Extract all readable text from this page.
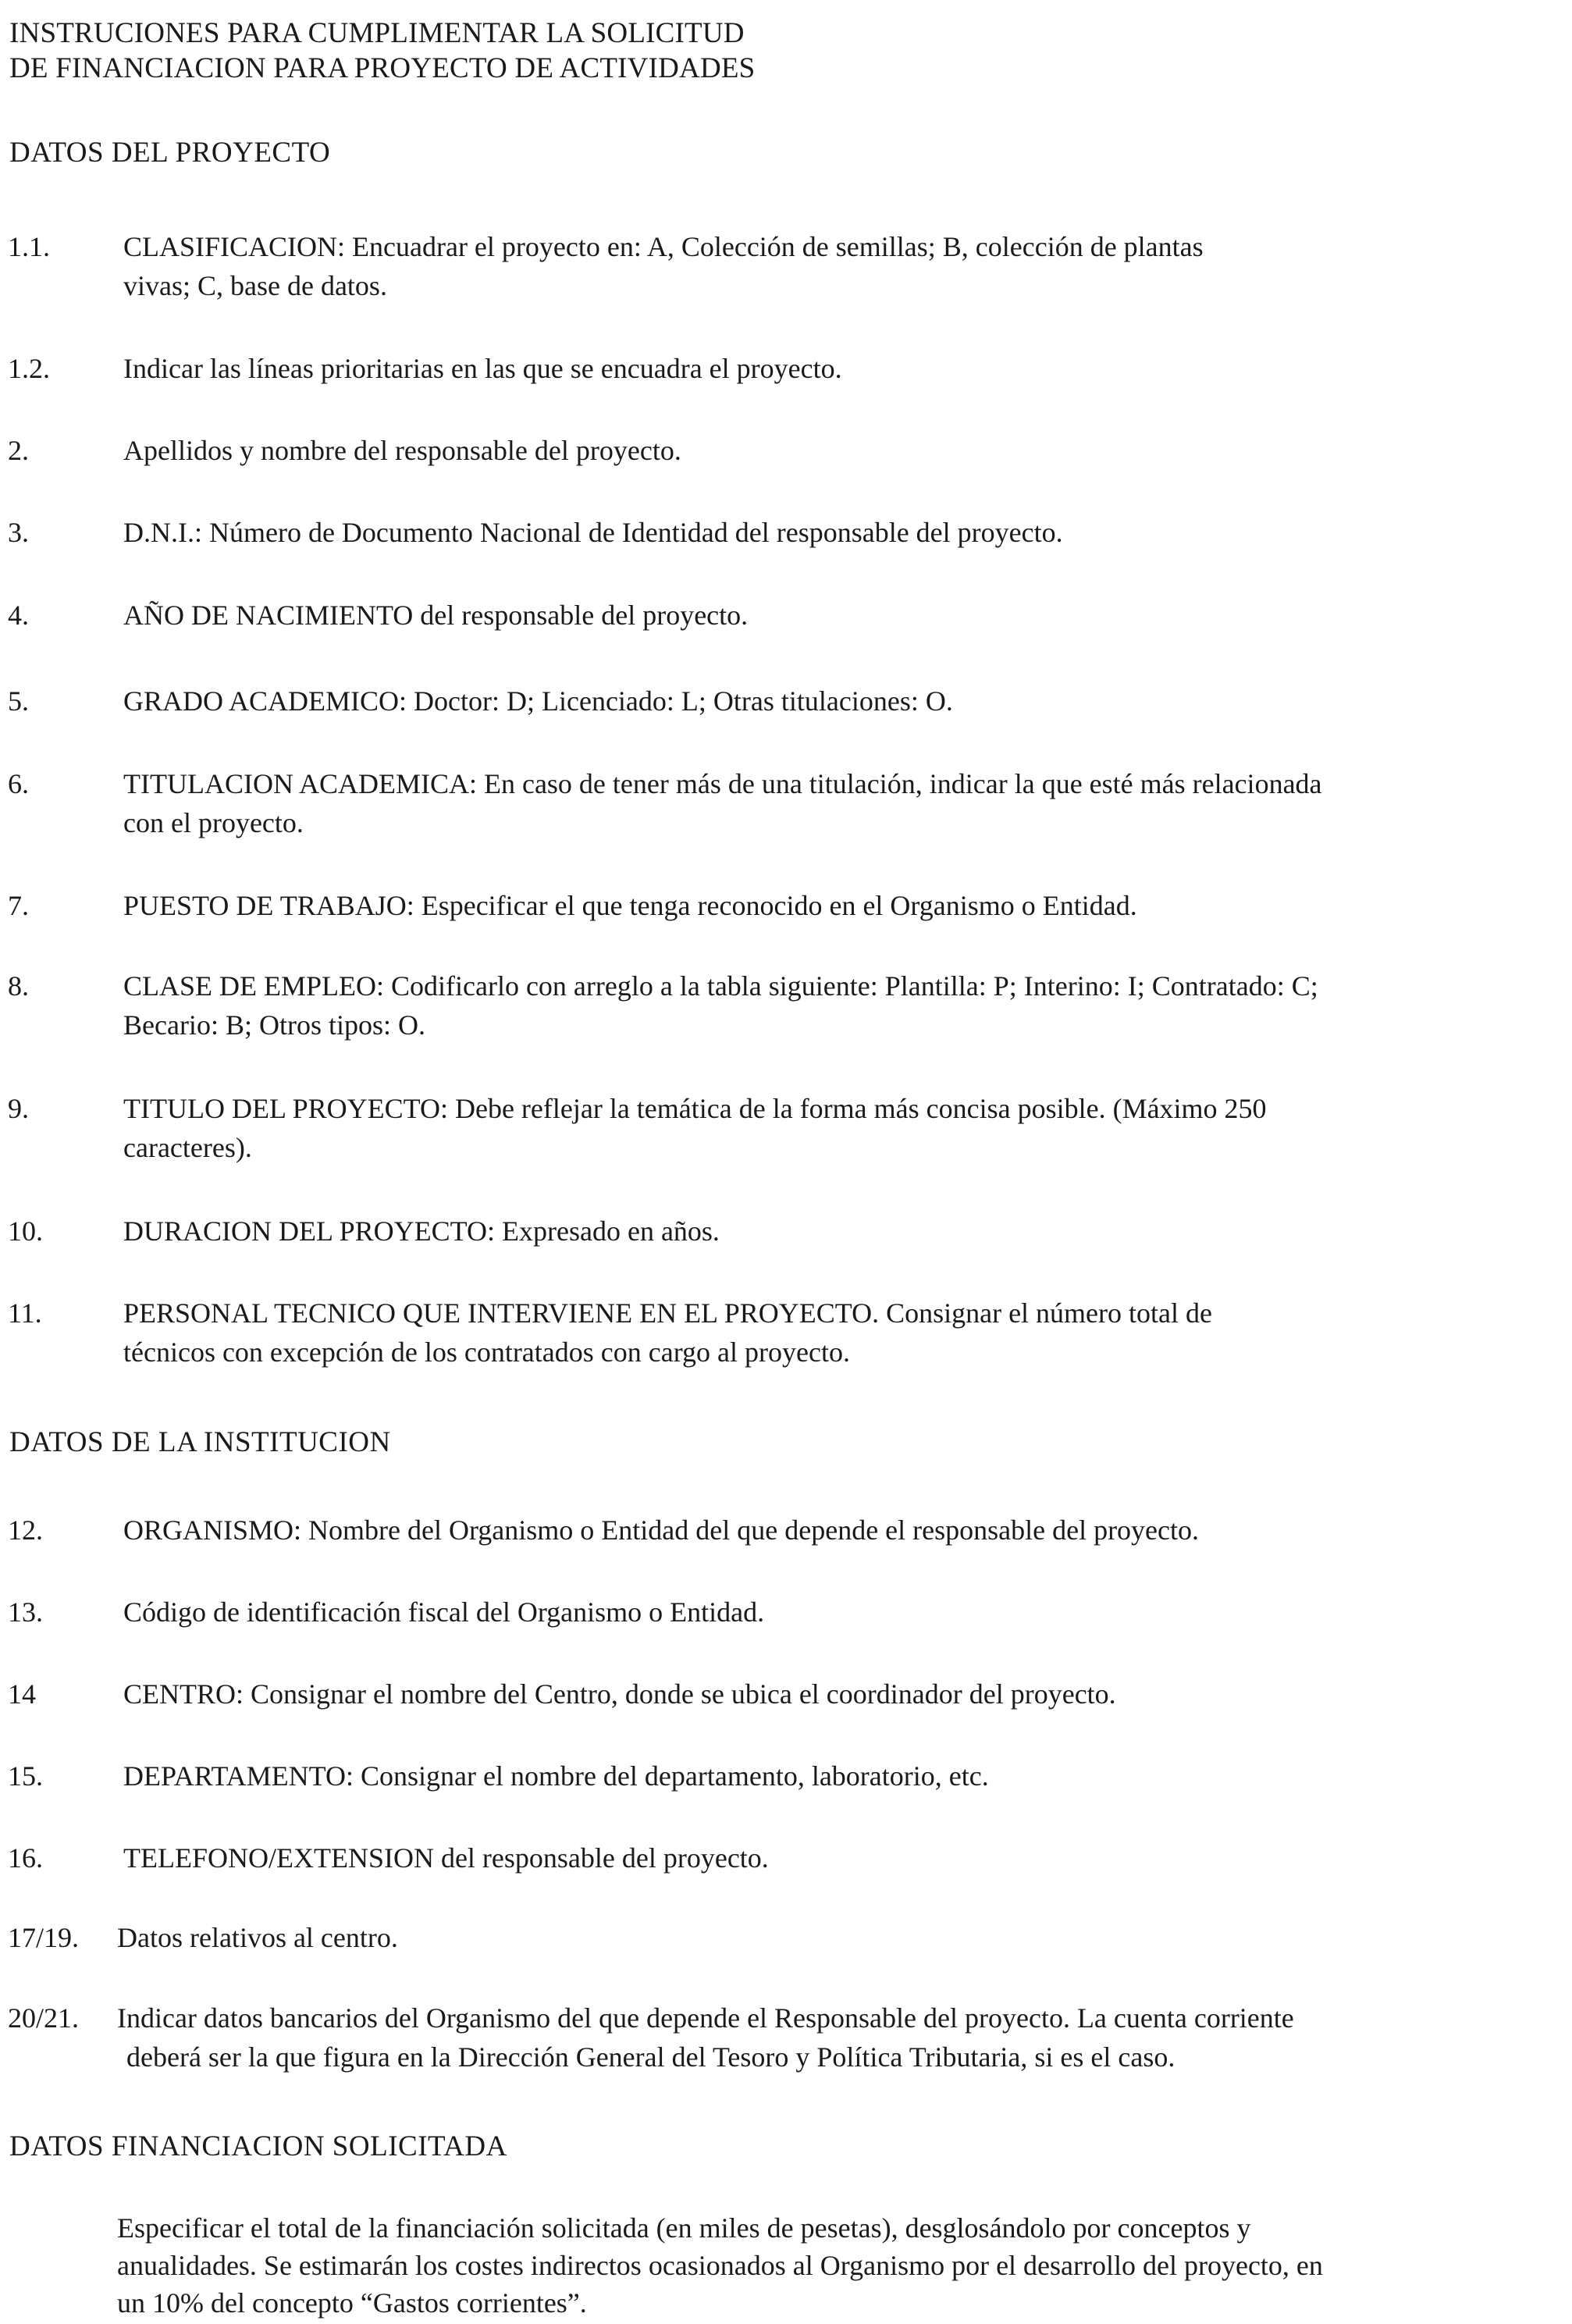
INSTRUCIONES PARA CUMPLIMENTAR LA SOLICITUD
DE FINANCIACION PARA PROYECTO DE ACTIVIDADES
DATOS DEL PROYECTO
1.1.	CLASIFICACION: Encuadrar el proyecto en: A, Colección de semillas; B, colección de plantas
vivas; C, base de datos.
1.2.	Indicar las líneas prioritarias en las que se encuadra el proyecto.
2.	Apellidos y nombre del responsable del proyecto.
3.	D.N.I.: Número de Documento Nacional de Identidad del responsable del proyecto.
4.	AÑO DE NACIMIENTO del responsable del proyecto.
5.	GRADO ACADEMICO: Doctor: D; Licenciado: L; Otras titulaciones: O.
6.	TITULACION ACADEMICA: En caso de tener más de una titulación, indicar la que esté más relacionada
con el proyecto.
7.	PUESTO DE TRABAJO: Especificar el que tenga reconocido en el Organismo o Entidad.
8.	CLASE DE EMPLEO: Codificarlo con arreglo a la tabla siguiente: Plantilla: P; Interino: I; Contratado: C;
Becario: B; Otros tipos: O.
9.	TITULO DEL PROYECTO: Debe reflejar la temática de la forma más concisa posible. (Máximo 250
caracteres).
10.	DURACION DEL PROYECTO: Expresado en años.
11.	PERSONAL TECNICO QUE INTERVIENE EN EL PROYECTO. Consignar el número total de
técnicos con excepción de los contratados con cargo al proyecto.
DATOS DE LA INSTITUCION
12.	ORGANISMO: Nombre del Organismo o Entidad del que depende el responsable del proyecto.
13.	Código de identificación fiscal del Organismo o Entidad.
14	CENTRO: Consignar el nombre del Centro, donde se ubica el coordinador del proyecto.
15.	DEPARTAMENTO: Consignar el nombre del departamento, laboratorio, etc.
16.	TELEFONO/EXTENSION del responsable del proyecto.
17/19. Datos relativos al centro.
20/21. Indicar datos bancarios del Organismo del que depende el Responsable del proyecto. La cuenta corriente
deberá ser la que figura en la Dirección General del Tesoro y Política Tributaria, si es el caso.
DATOS FINANCIACION SOLICITADA
Especificar el total de la financiación solicitada (en miles de pesetas), desglosándolo por conceptos y
anualidades. Se estimarán los costes indirectos ocasionados al Organismo por el desarrollo del proyecto, en
un 10% del concepto “Gastos corrientes”.
